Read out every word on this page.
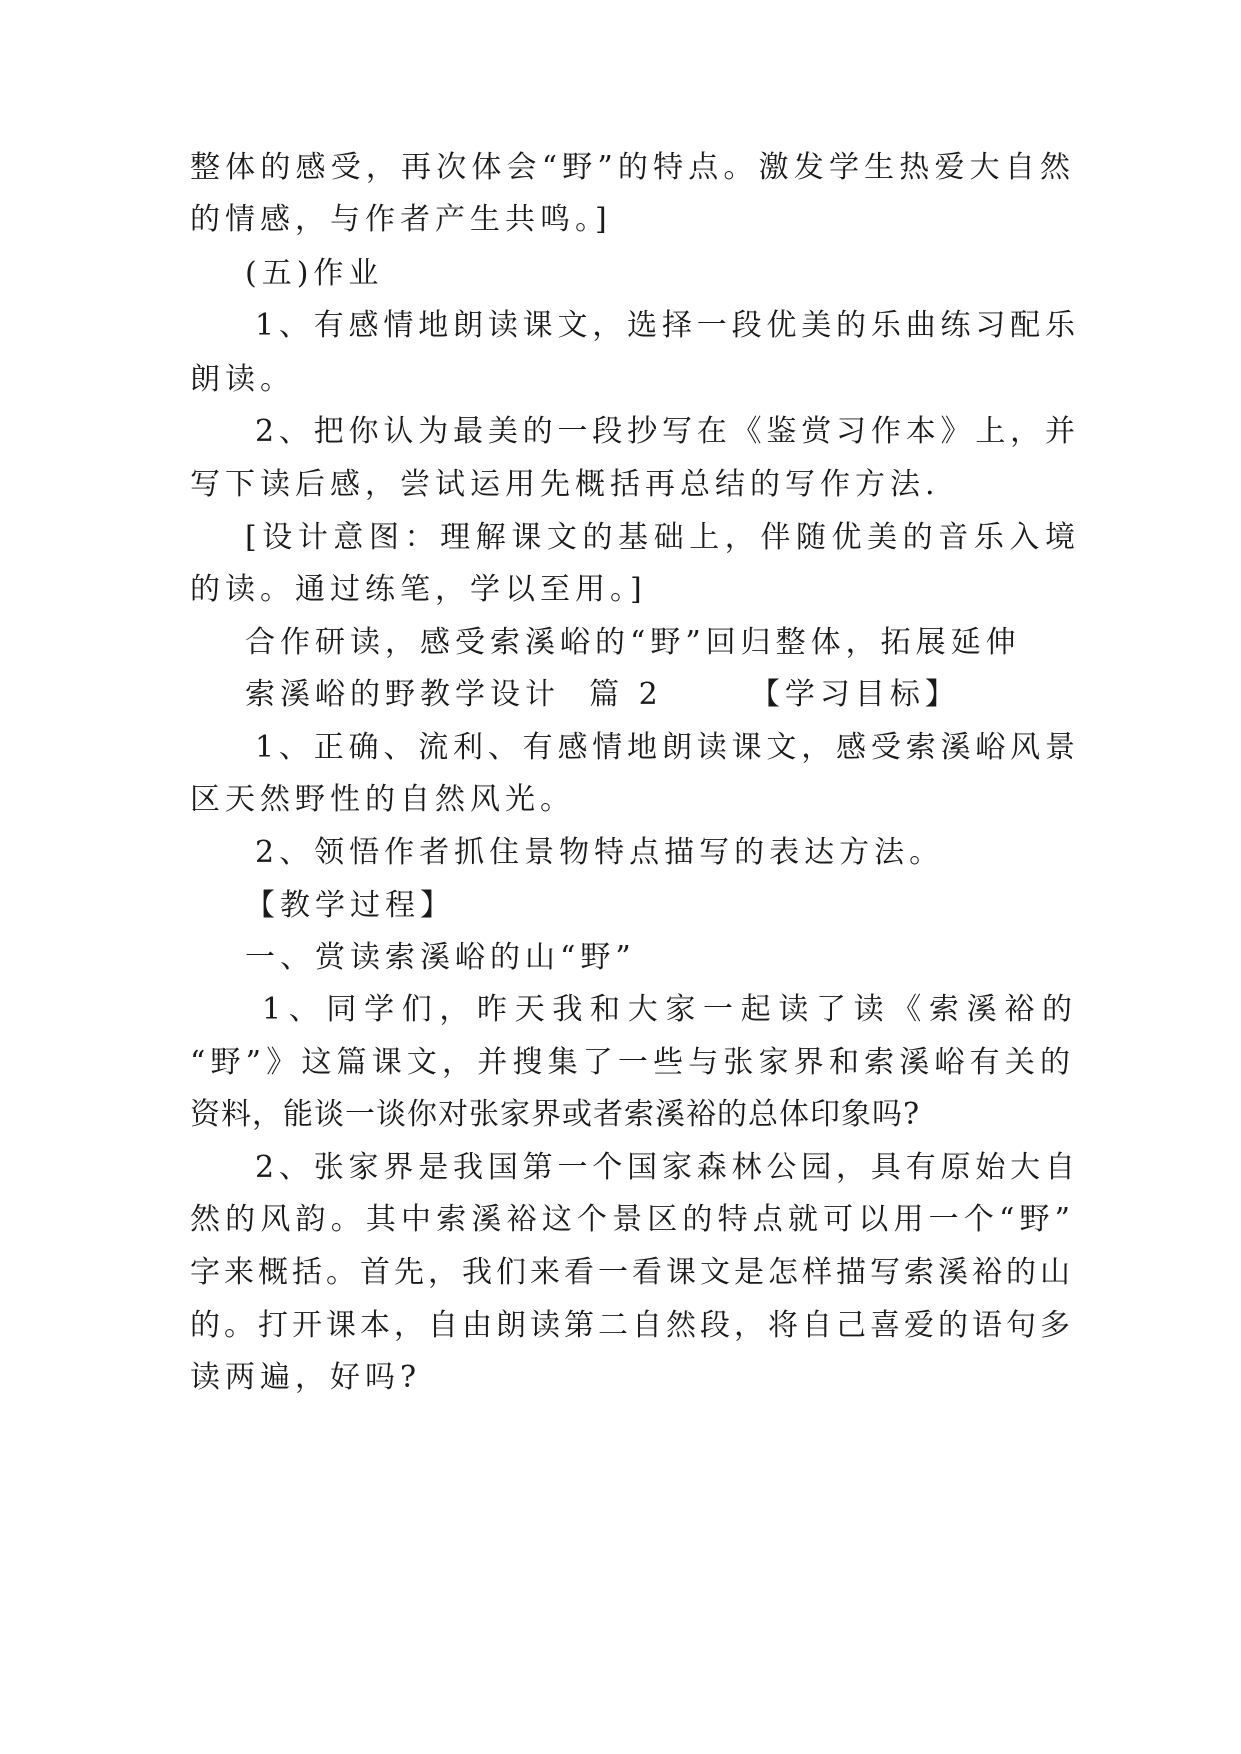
整体的感受，再次体会“野”的特点。激发学生热爱大自然
的情感，与作者产生共鸣。]
(五)作业
1、有感情地朗读课文，选择一段优美的乐曲练习配乐
朗读。
2、把你认为最美的一段抄写在《鉴赏习作本》上，并
写下读后感，尝试运用先概括再总结的写作方法.
[设计意图：理解课文的基础上，伴随优美的音乐入境
的读。通过练笔，学以至用。]
合作研读，感受索溪峪的“野”回归整体，拓展延伸
索溪峪的野教学设计  篇 2      【学习目标】
1、正确、流利、有感情地朗读课文，感受索溪峪风景
区天然野性的自然风光。
2、领悟作者抓住景物特点描写的表达方法。
【教学过程】
一、赏读索溪峪的山“野”
1、同学们，昨天我和大家一起读了读《索溪裕的
“野”》这篇课文，并搜集了一些与张家界和索溪峪有关的
资料，能谈一谈你对张家界或者索溪裕的总体印象吗?
2、张家界是我国第一个国家森林公园，具有原始大自
然的风韵。其中索溪裕这个景区的特点就可以用一个“野”
字来概括。首先，我们来看一看课文是怎样描写索溪裕的山
的。打开课本，自由朗读第二自然段，将自己喜爱的语句多
读两遍，好吗?
